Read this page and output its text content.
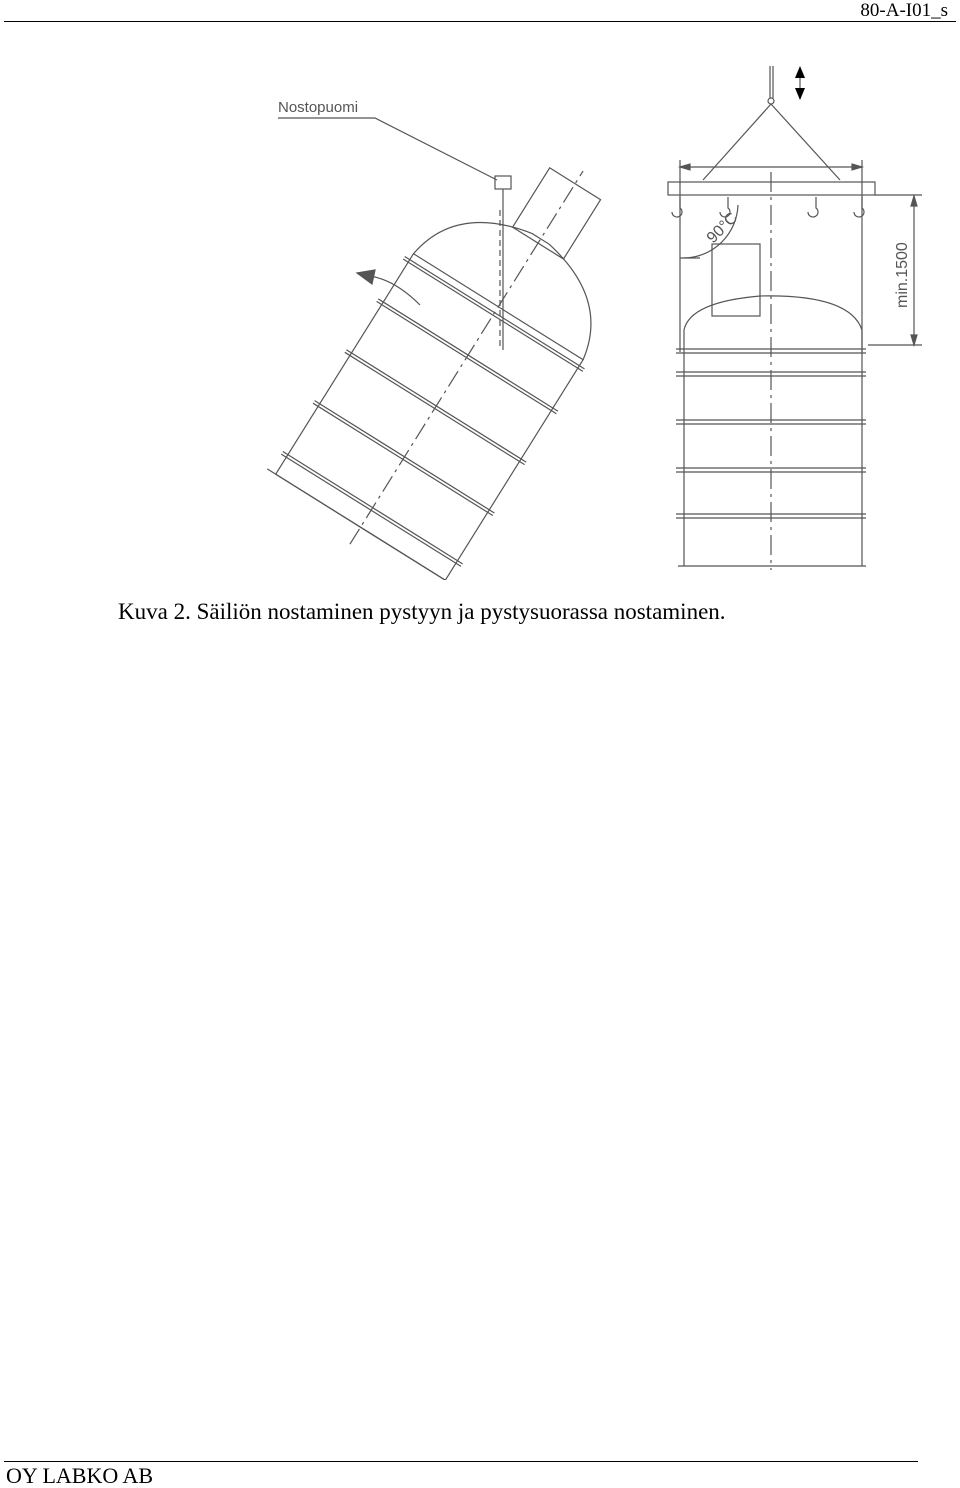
80-A-I01_s
Nostopuomi
90°C
min.1500
Kuva 2. Säiliön nostaminen pystyyn ja pystysuorassa nostaminen.
OY LABKO AB
